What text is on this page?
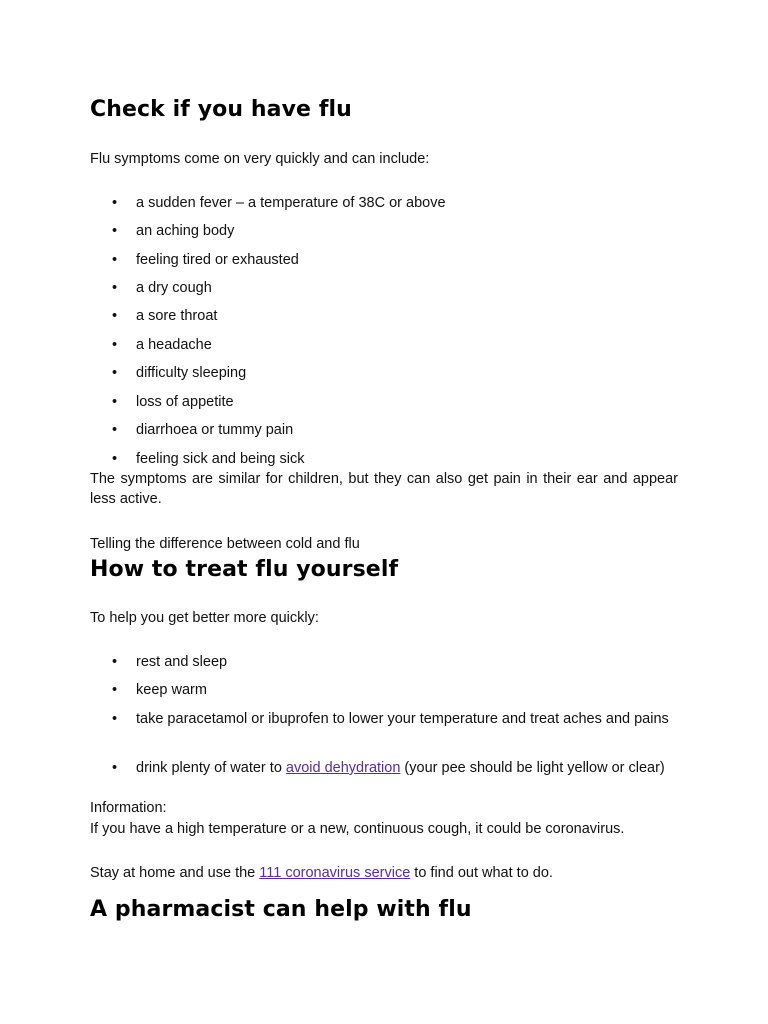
Check if you have flu
Flu symptoms come on very quickly and can include:
• a sudden fever – a temperature of 38C or above
• an aching body
• feeling tired or exhausted
• a dry cough
• a sore throat
• a headache
• difficulty sleeping
• loss of appetite
• diarrhoea or tummy pain
• feeling sick and being sick
The symptoms are similar for children, but they can also get pain in their ear and appear less active.
Telling the difference between cold and flu
How to treat flu yourself
To help you get better more quickly:
• rest and sleep
• keep warm
• take paracetamol or ibuprofen to lower your temperature and treat aches and pains
• drink plenty of water to avoid dehydration (your pee should be light yellow or clear)
Information:
If you have a high temperature or a new, continuous cough, it could be coronavirus.
Stay at home and use the 111 coronavirus service to find out what to do.
A pharmacist can help with flu
